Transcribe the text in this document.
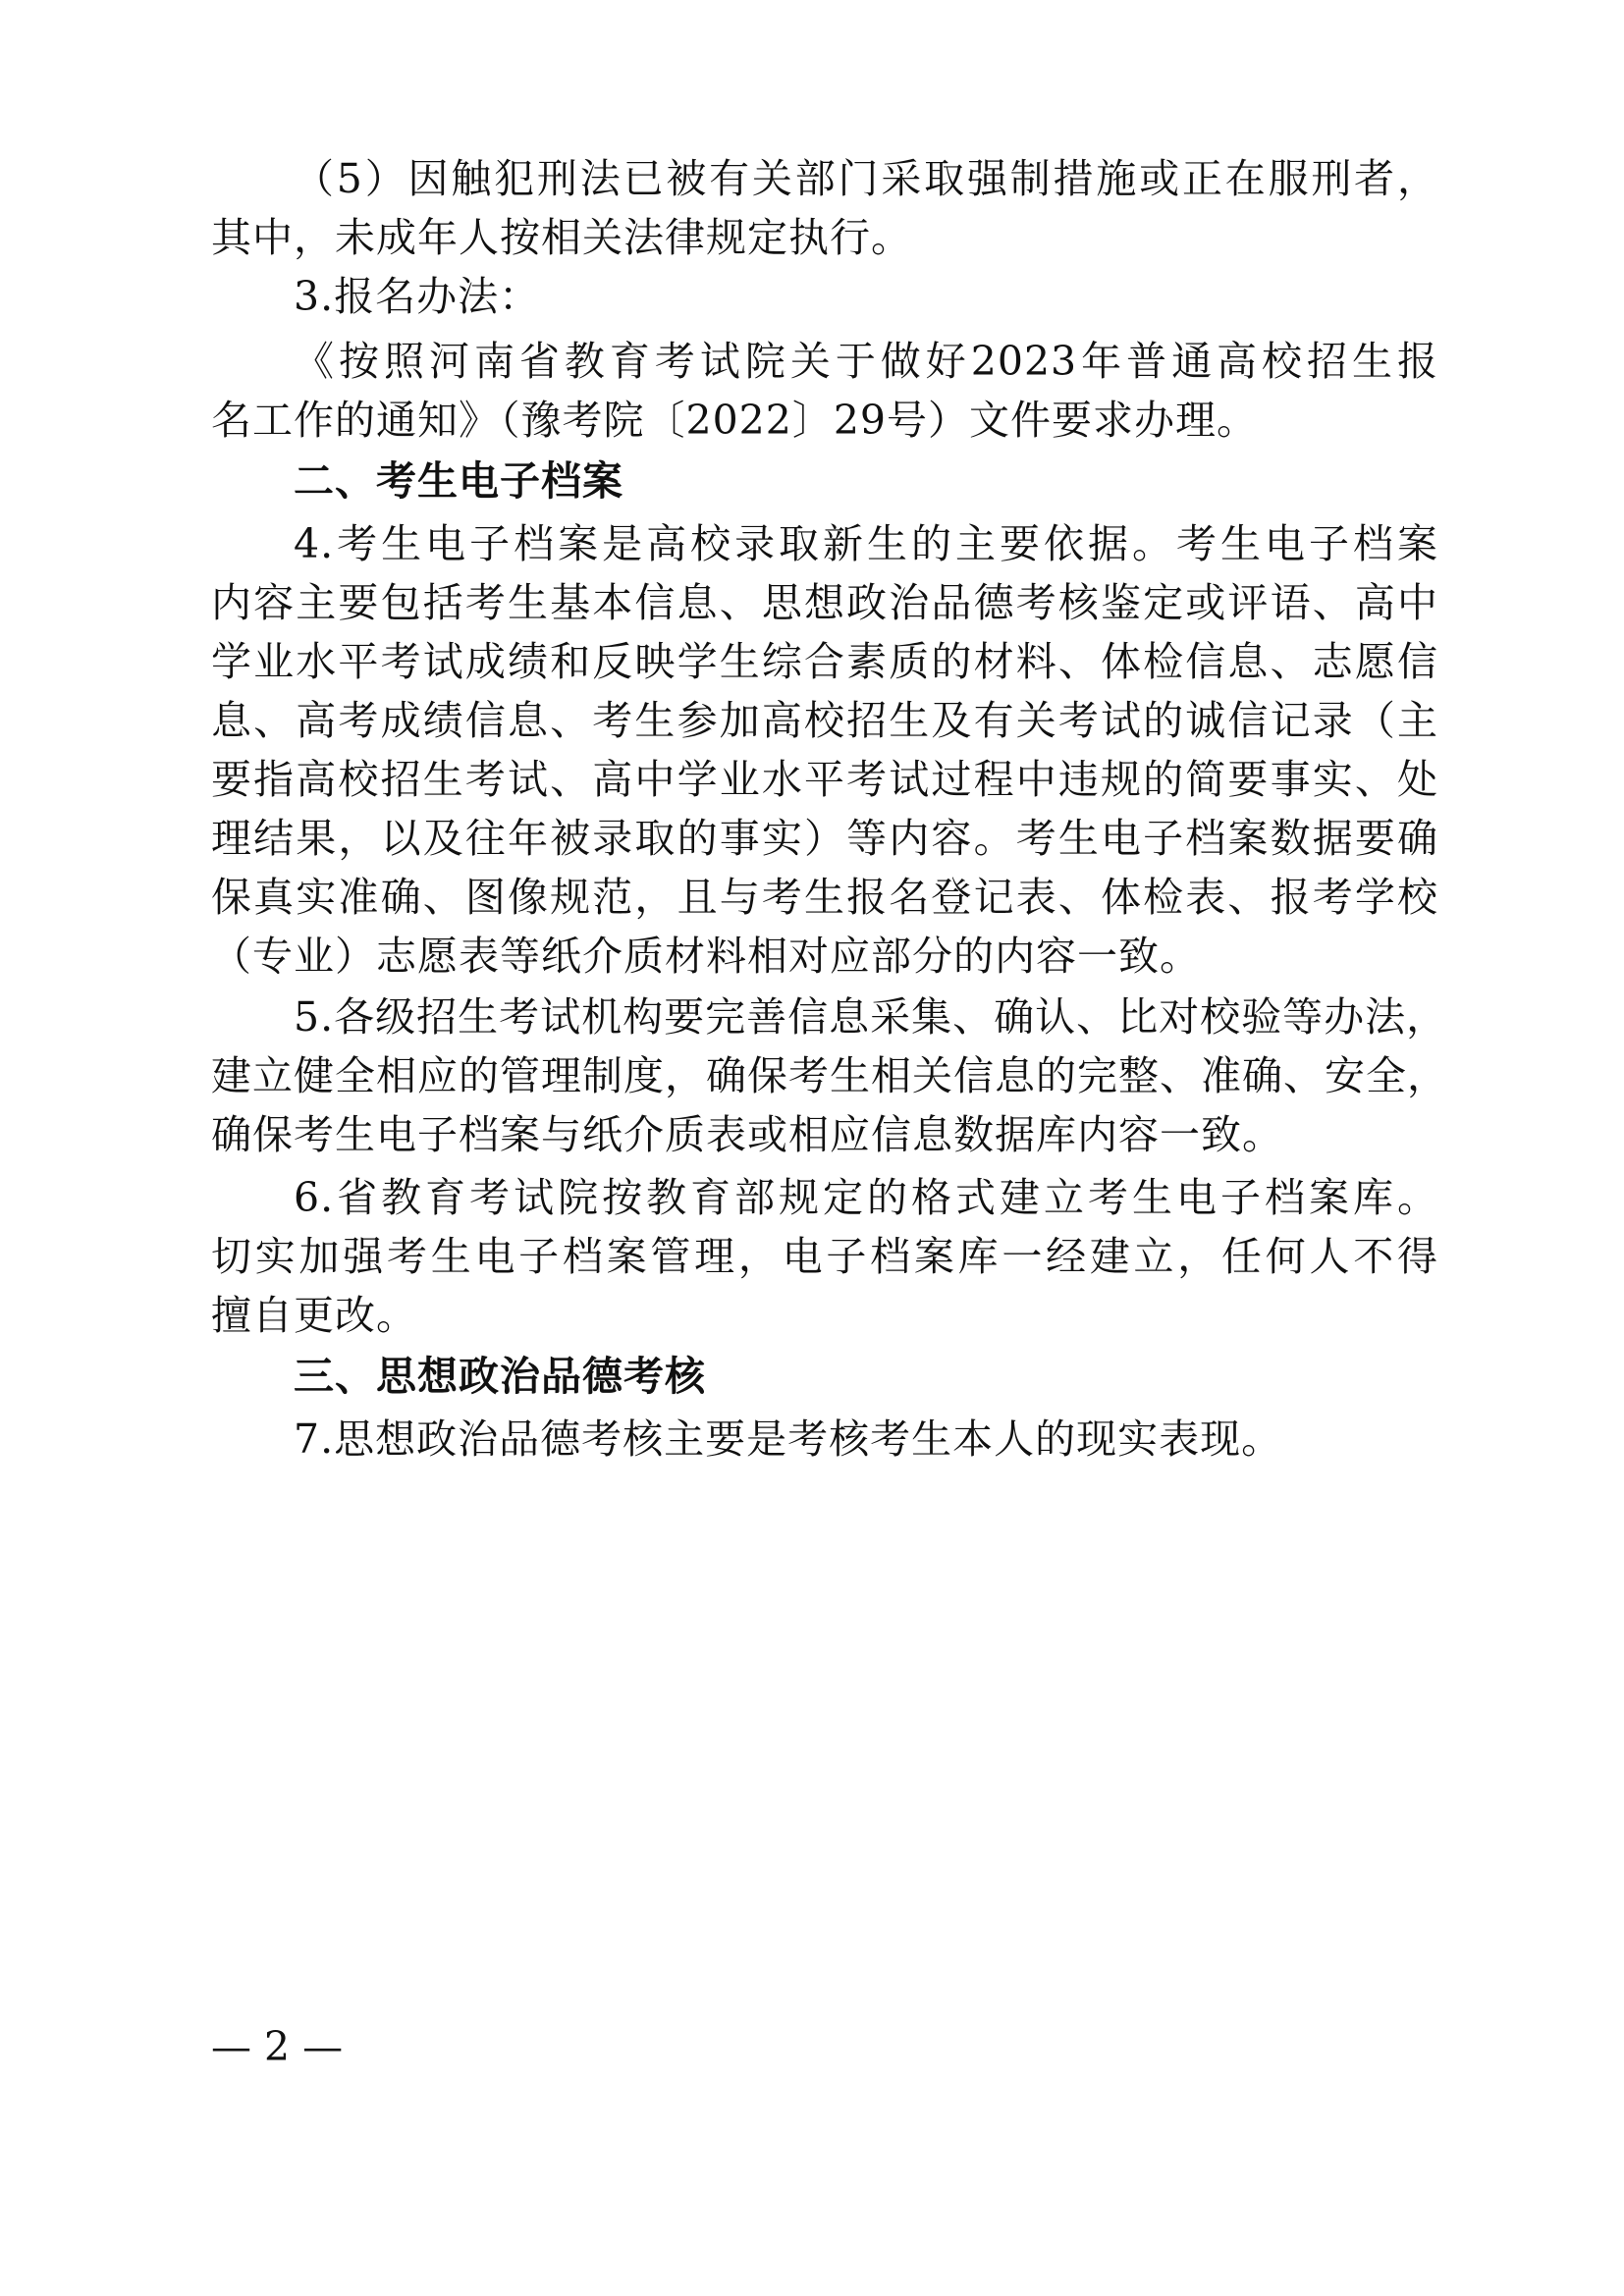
（5）因触犯刑法已被有关部门采取强制措施或正在服刑者，
其中，未成年人按相关法律规定执行。
3.报名办法：
《按照河南省教育考试院关于做好2023年普通高校招生报
名工作的通知》（豫考院〔2022〕29号）文件要求办理。
二、考生电子档案
4.考生电子档案是高校录取新生的主要依据。考生电子档案
内容主要包括考生基本信息、思想政治品德考核鉴定或评语、高中
学业水平考试成绩和反映学生综合素质的材料、体检信息、志愿信
息、高考成绩信息、考生参加高校招生及有关考试的诚信记录（主
要指高校招生考试、高中学业水平考试过程中违规的简要事实、处
理结果，以及往年被录取的事实）等内容。考生电子档案数据要确
保真实准确、图像规范，且与考生报名登记表、体检表、报考学校
（专业）志愿表等纸介质材料相对应部分的内容一致。
5.各级招生考试机构要完善信息采集、确认、比对校验等办法，
建立健全相应的管理制度，确保考生相关信息的完整、准确、安全，
确保考生电子档案与纸介质表或相应信息数据库内容一致。
6.省教育考试院按教育部规定的格式建立考生电子档案库。
切实加强考生电子档案管理，电子档案库一经建立，任何人不得
擅自更改。
三、思想政治品德考核
7.思想政治品德考核主要是考核考生本人的现实表现。
— 2 —
